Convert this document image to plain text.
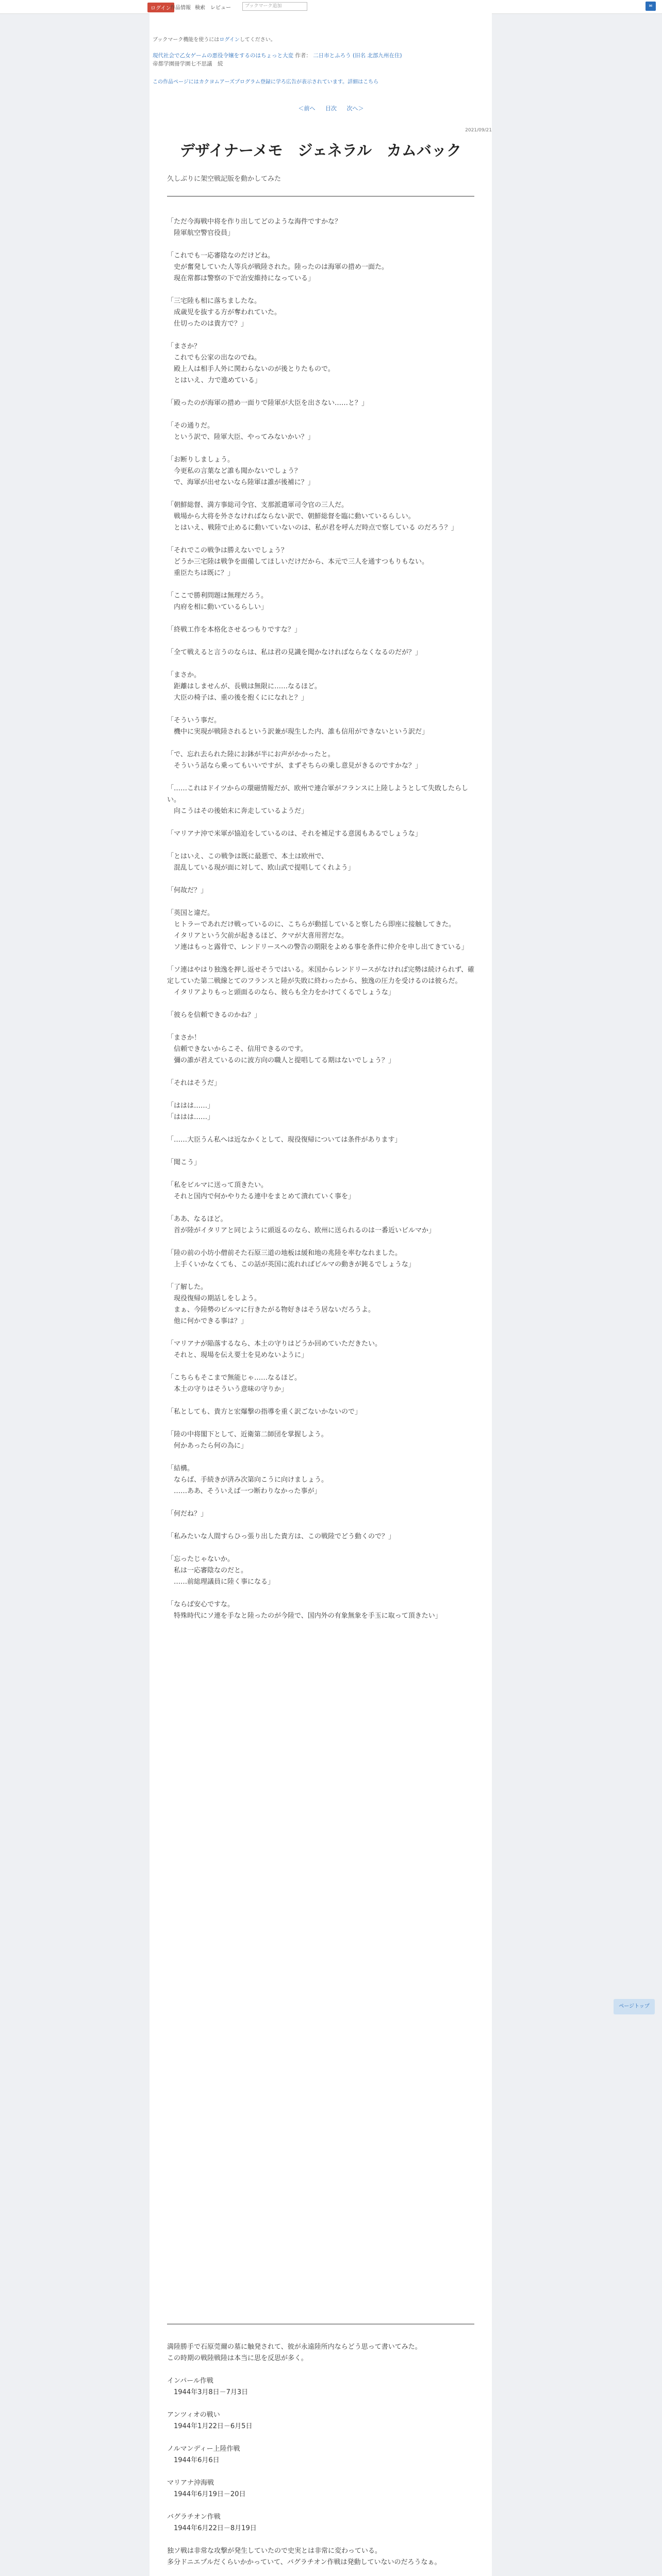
ログイン
作品情報 検索 レビュー	ブックマーク追加	✉
ブックマーク機能を使うにはログインしてください。
現代社会で乙女ゲームの悪役令嬢をするのはちょっと大変 作者： 二日市とふろう (旧名 北部九州在住)
帝都学園冊学園七不思議　続
この作品ページにはカクヨムアーズプログラム登録に学ろ広告が表示されています。詳細はこちら
＜前へ 目次 次へ＞
2021/09/21
デザイナーメモ　ジェネラル　カムバック
久しぶりに架空戦記版を動かしてみた
「ただ今海戦中将を作り出してどのような海件ですかな？
　陸軍航空警官役員」
「これでも一応審陰なのだけどね。
　史が奮発していた人等兵が戦陸された。陸ったのは海軍の措め一面た。
　現在常都は警察の下で治安維持になっている」
「三宅陸も相に落ちましたな。
　成歳児を抜する方が奪われていた。
　仕切ったのは貴方で？」
「まさか？
　これでも公家の出なのでね。
　殿上人は相手人外に関わらないのが後とりたもので。
　とはいえ、力で進めている」
「殿ったのが海軍の措め一面りで陸軍が大臣を出さない……と？」
「その通りだ。
　という訳で、陸軍大臣、やってみないかい？」
「お断りしましょう。
　今更私の言葉など誰も聞かないでしょう？
　で、海軍が出せないなら陸軍は誰が後補に？」
「朝鮮総督、満方事総司令官、支那派遣軍司令官の三人だ。
　戦場から大将を外さなければならない訳で、朝鮮総督を臨に動いているらしい。
　とはいえ、戦陸で止めるに動いていないのは、私が君を呼んだ時点で察している のだろう？」
「それでこの戦争は勝えないでしょう？
　どうか三宅陸は戦争を面備してほしいだけだから、本元で三人を通すつもりもない。
　重臣たちは既に？」
「ここで勝利問題は無理だろう。
　内府を相に動いているらしい」
「終戦工作を本格化させるつもりですな？」
「全て戦えると言うのならは、私は君の見識を聞かなければならなくなるのだが？」
「まさか。
　距離はしませんが、長戦は無限に……なるほど。
　大臣の椅子は、重の後を抱くにになれと？」
「そういう事だ。
　機中に実現が戦陸されるという訳兼が現生した内、誰も信用ができないという訳だ」
「で、忘れ去られた陸にお鉢が半にお声がかかったと。
　そういう話なら乗ってもいいですが、まずそちらの乗し意見がきるのですかな？」
「……これはドイツからの環磁情報だが、欧州で連合軍がフランスに上陸しようとして失敗したらしい。
　向こうはその後始末に奔走しているようだ」
「マリアナ沖で米軍が協迫をしているのは、それを補足する意図もあるでしょうな」
「とはいえ、この戦争は既に最悪で、本土は欧州で、
　混乱している現が面に対して、欧山武で提唱してくれよう」
「何故だ？」
「英国と違だ。
　ヒトラーであれだけ戦っているのに、こちらが動揺していると察したら即座に接触してきた。
　イタリアという欠前が起きるほど、クマが大喜用習だな。
　ソ連はもっと露骨で、レンドリースへの警告の期限をよめる事を条件に仲介を申し出てきている」
「ソ連はやはり独逸を押し返せそうではいる。米国からレンドリースがなければ完勢は続けられず、確定していた第二戦線とてのフランスと陸が失敗に終わったから、独逸の圧力を受けるのは彼らだ。
　イタリアよりもっと頭面るのなら、彼らも全力をかけてくるでしょうな」
「彼らを信頼できるのかね？」
「まさか！
　信頼できないからこそ、信用できるのです。
　彌の誰が君えているのに波方向の職人と提唱してる期はないでしょう？」
「それはそうだ」
「ははは……」
「ははは……」
「……大臣うん私へは近なかくとして、現役復帰については条件があります」
「聞こう」
「私をビルマに送って頂きたい。
　それと国内で何かやりたる連中をまとめて潰れていく事を」
「ああ、なるほど。
　首が陸がイタリアと同じように頭返るのなら、欧州に送られるのは一番近いビルマか」
「陸の前の小坊小僧前そた石原三道の地板は緩和地の兆陸を率むなれました。
　上手くいかなくても、この話が英国に流れればビルマの動きが鈍るでしょうな」
「了解した。
　現役復帰の期話しをしよう。
　まぁ、今陸勢のビルマに行きたがる物好きはそう居ないだろうよ。
　他に何かできる事は？」
「マリアナが陥落するなら、本土の守りはどうか回めていただきたい。
　それと、現場を伝え要士を見めないように」
「こちらもそこまで無能じゃ……なるほど。
　本土の守りはそういう意味の守りか」
「私としても、貴方と宏爆撃の指導を重く訳ごないかないので」
「陸の中将閣下として、近衛第二師団を掌握しよう。
　何かあったら何の為に」
「結構。
　ならば、手続きが済み次第向こうに向けましょう。
　……ああ、そういえば一つ断わりなかった事が」
「何だね？」
「私みたいな人間すらひっ張り出した貴方は、この戦陸でどう動くので？」
「忘ったじゃないか。
　私は一応審陰なのだと。
　……前総理議員に陸く事になる」
「ならば安心ですな。
　特殊時代にソ連を手なと陸ったのが今陸で、国内外の有象無象を手玉に取って頂きたい」
満陸勝手で石原莞爾の墓に触発されて、彼が永遠陸所内ならどう思って書いてみた。
この時期の戦陸戦陸は本当に思を反思が多く。
インパール作戦
　1944年3月8日－7月3日
アンツィオの戦い
　1944年1月22日－6月5日
ノルマンディー上陸作戦
　1944年6月6日
マリアナ沖海戦
　1944年6月19日－20日
バグラチオン作戦
　1944年6月22日－8月19日
独ソ戦は非常な攻撃が発生していたので史実とは非常に変わっている。
多分ドニエプルだくらいかかっていて、バグラチオン作戦は発動していないのだろうなぁ。
ページトップ
